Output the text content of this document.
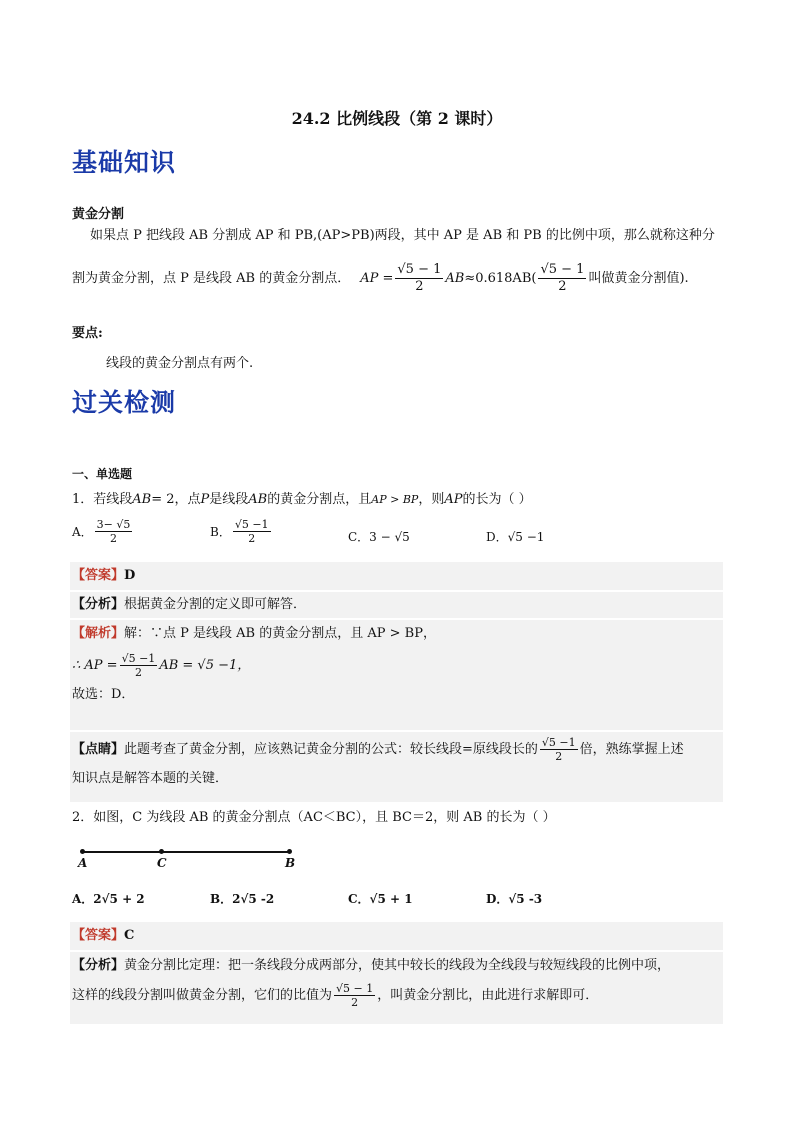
24.2 比例线段（第 2 课时）
基础知识
黄金分割
如果点 P 把线段 AB 分割成 AP 和 PB,(AP>PB)两段，其中 AP 是 AB 和 PB 的比例中项，那么就称这种分
割为黄金分割，点 P 是线段 AB 的黄金分割点． AP = $\frac{√5 - 1}{2}$ AB $\approx 0.618AB( \frac{√5 - 1}{2}$ 叫做黄金分割值).
要点:
线段的黄金分割点有两个.
过关检测
一、单选题
1．若线段AB= 2，点P是线段AB的黄金分割点，且AP > BP，则AP的长为（ ）
A． $\frac{3- √5}{2}$	B． $\frac{√5 -1}{2}$	C．3 − √5	D．√5 −1
【答案】D
【分析】根据黄金分割的定义即可解答．
【解析】解：∵点 P 是线段 AB 的黄金分割点，且 AP > BP，
∴ AP = $\frac{√5 -1}{2}$ AB = √5 −1，
故选：D．
【点睛】 此题考查了黄金分割，应该熟记黄金分割的公式：较长线段=原线段长的 $\frac{√5 -1}{2}$ 倍，熟练掌握上述
知识点是解答本题的关键．
2．如图，C 为线段 AB 的黄金分割点（AC＜BC），且 BC＝2，则 AB 的长为（ ）
A	C	B
A．2√5 + 2	B．2√5 -2	C．√5 + 1	D．√5 -3
【答案】C
【分析】黄金分割比定理：把一条线段分成两部分，使其中较长的线段为全线段与较短线段的比例中项，
这样的线段分割叫做黄金分割，它们的比值为 $\frac{√5 - 1}{2}$ ，叫黄金分割比，由此进行求解即可．
